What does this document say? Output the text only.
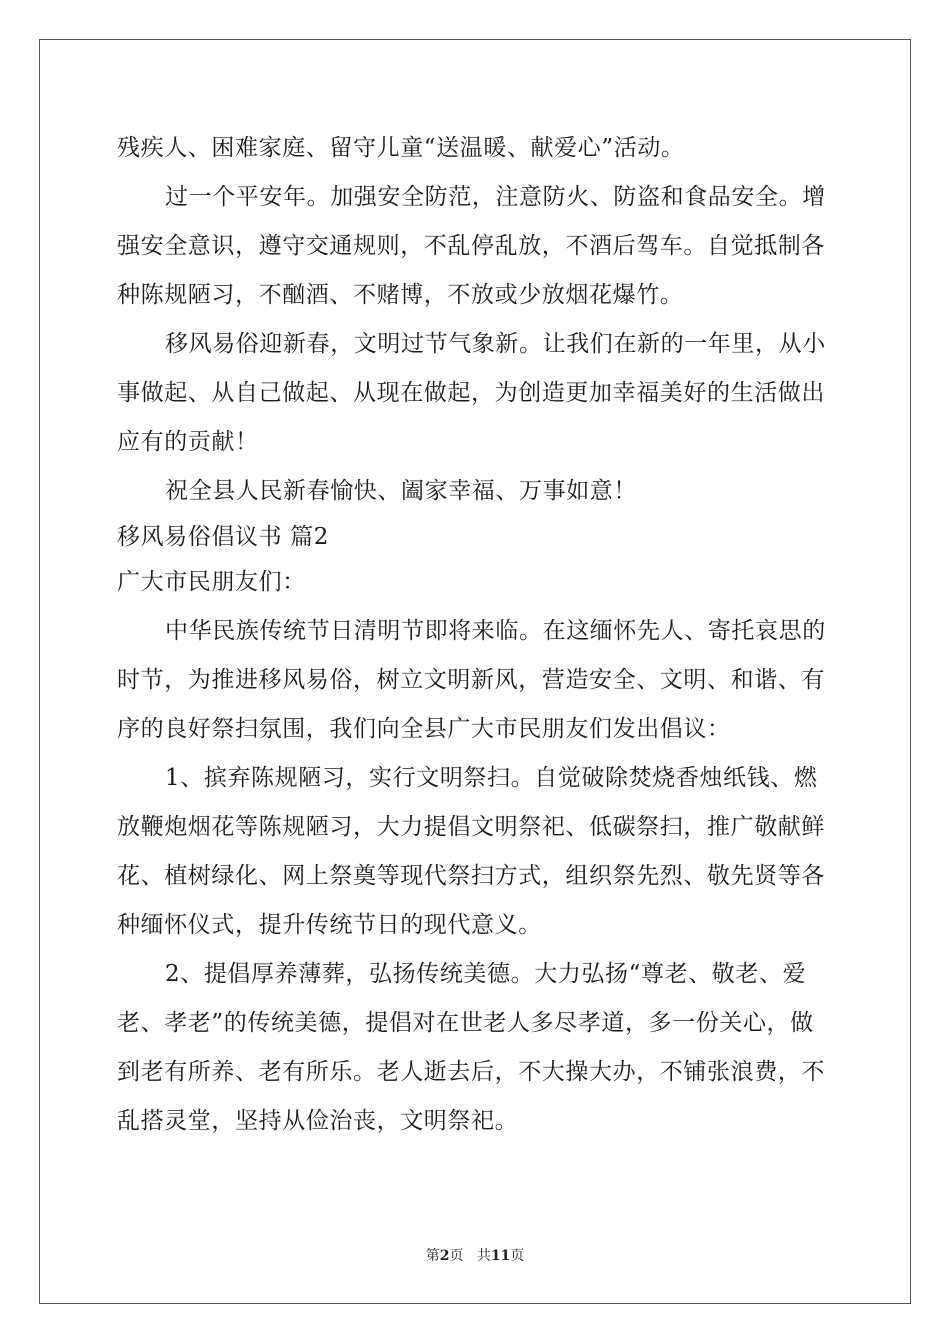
残疾人、困难家庭、留守儿童“送温暖、献爱心”活动。
过一个平安年。加强安全防范，注意防火、防盗和食品安全。增
强安全意识，遵守交通规则，不乱停乱放，不酒后驾车。自觉抵制各
种陈规陋习，不酗酒、不赌博，不放或少放烟花爆竹。
移风易俗迎新春，文明过节气象新。让我们在新的一年里，从小
事做起、从自己做起、从现在做起，为创造更加幸福美好的生活做出
应有的贡献！
祝全县人民新春愉快、阖家幸福、万事如意！
移风易俗倡议书 篇2
广大市民朋友们：
中华民族传统节日清明节即将来临。在这缅怀先人、寄托哀思的
时节，为推进移风易俗，树立文明新风，营造安全、文明、和谐、有
序的良好祭扫氛围，我们向全县广大市民朋友们发出倡议：
1、摈弃陈规陋习，实行文明祭扫。自觉破除焚烧香烛纸钱、燃
放鞭炮烟花等陈规陋习，大力提倡文明祭祀、低碳祭扫，推广敬献鲜
花、植树绿化、网上祭奠等现代祭扫方式，组织祭先烈、敬先贤等各
种缅怀仪式，提升传统节日的现代意义。
2、提倡厚养薄葬，弘扬传统美德。大力弘扬“尊老、敬老、爱
老、孝老”的传统美德，提倡对在世老人多尽孝道，多一份关心，做
到老有所养、老有所乐。老人逝去后，不大操大办，不铺张浪费，不
乱搭灵堂，坚持从俭治丧，文明祭祀。
第2页 共11页
